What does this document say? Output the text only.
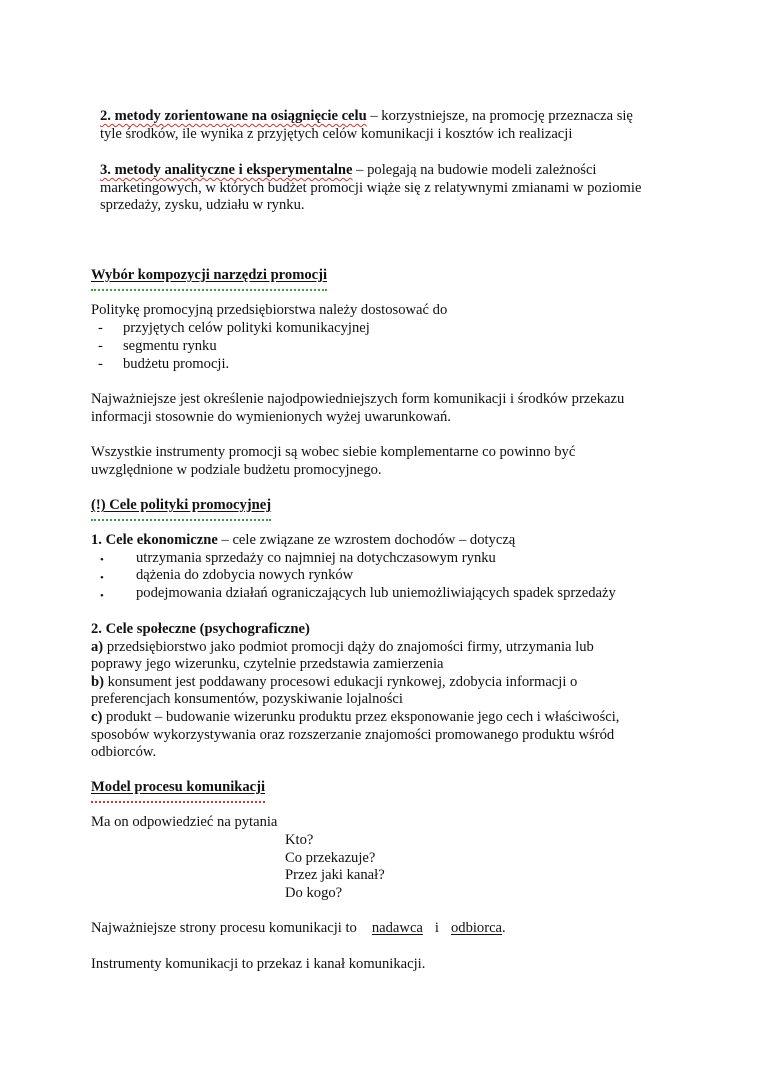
2. metody zorientowane na osiągnięcie celu – korzystniejsze, na promocję przeznacza się
tyle środków, ile wynika z przyjętych celów komunikacji i kosztów ich realizacji
3. metody analityczne i eksperymentalne – polegają na budowie modeli zależności
marketingowych, w których budżet promocji wiąże się z relatywnymi zmianami w poziomie
sprzedaży, zysku, udziału w rynku.
Wybór kompozycji narzędzi promocji
Politykę promocyjną przedsiębiorstwa należy dostosować do
- przyjętych celów polityki komunikacyjnej
- segmentu rynku
- budżetu promocji.
Najważniejsze jest określenie najodpowiedniejszych form komunikacji i środków przekazu
informacji stosownie do wymienionych wyżej uwarunkowań.
Wszystkie instrumenty promocji są wobec siebie komplementarne co powinno być
uwzględnione w podziale budżetu promocyjnego.
(!) Cele polityki promocyjnej
1. Cele ekonomiczne – cele związane ze wzrostem dochodów – dotyczą
• utrzymania sprzedaży co najmniej na dotychczasowym rynku
• dążenia do zdobycia nowych rynków
• podejmowania działań ograniczających lub uniemożliwiających spadek sprzedaży
2. Cele społeczne (psychograficzne)
a) przedsiębiorstwo jako podmiot promocji dąży do znajomości firmy, utrzymania lub
poprawy jego wizerunku, czytelnie przedstawia zamierzenia
b) konsument jest poddawany procesowi edukacji rynkowej, zdobycia informacji o
preferencjach konsumentów, pozyskiwanie lojalności
c) produkt – budowanie wizerunku produktu przez eksponowanie jego cech i właściwości,
sposobów wykorzystywania oraz rozszerzanie znajomości promowanego produktu wśród
odbiorców.
Model procesu komunikacji
Ma on odpowiedzieć na pytania
Kto?
Co przekazuje?
Przez jaki kanał?
Do kogo?
Najważniejsze strony procesu komunikacji to nadawca i odbiorca.
Instrumenty komunikacji to przekaz i kanał komunikacji.
